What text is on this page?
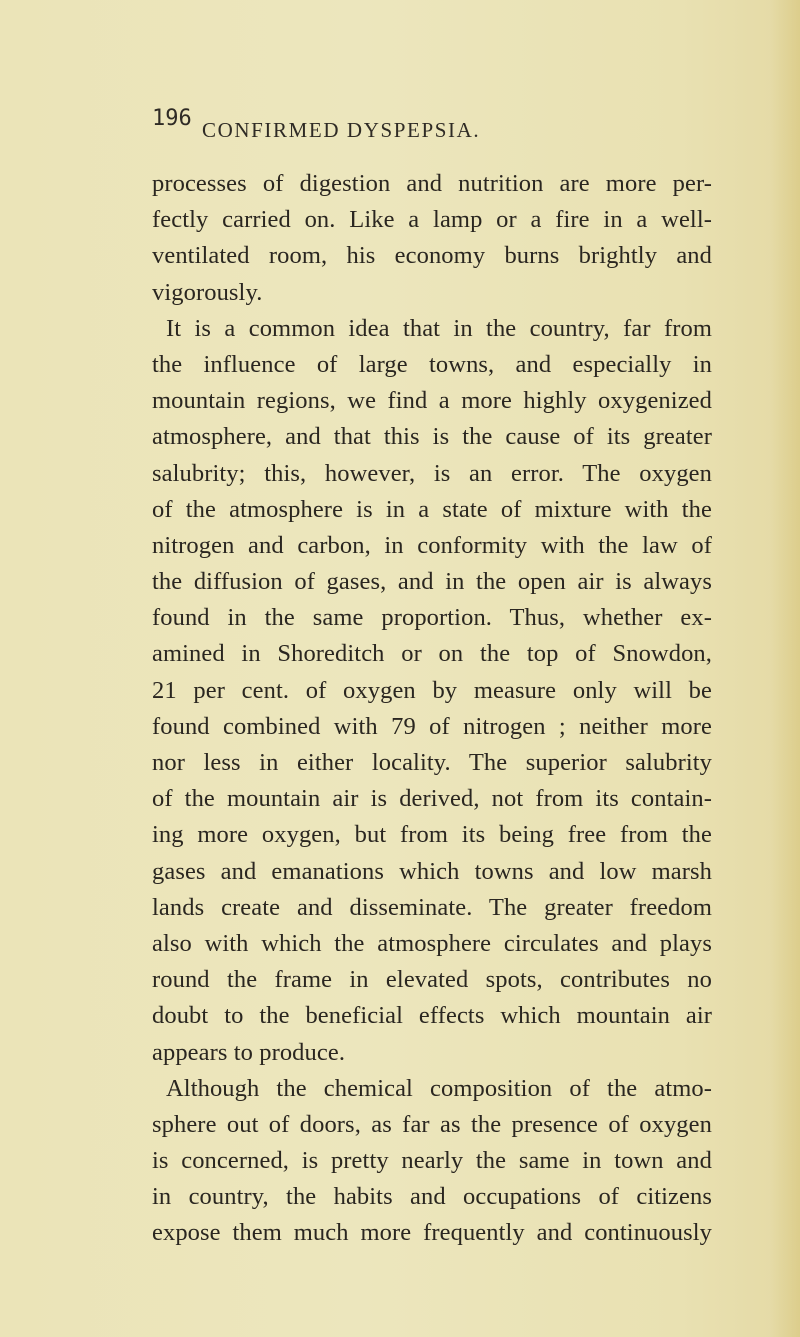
196 CONFIRMED DYSPEPSIA.
processes of digestion and nutrition are more per-
fectly carried on. Like a lamp or a fire in a well-
ventilated room, his economy burns brightly and
vigorously.
It is a common idea that in the country, far from
the influence of large towns, and especially in
mountain regions, we find a more highly oxygenized
atmosphere, and that this is the cause of its greater
salubrity; this, however, is an error. The oxygen
of the atmosphere is in a state of mixture with the
nitrogen and carbon, in conformity with the law of
the diffusion of gases, and in the open air is always
found in the same proportion. Thus, whether ex-
amined in Shoreditch or on the top of Snowdon,
21 per cent. of oxygen by measure only will be
found combined with 79 of nitrogen ; neither more
nor less in either locality. The superior salubrity
of the mountain air is derived, not from its contain-
ing more oxygen, but from its being free from the
gases and emanations which towns and low marsh
lands create and disseminate. The greater freedom
also with which the atmosphere circulates and plays
round the frame in elevated spots, contributes no
doubt to the beneficial effects which mountain air
appears to produce.
Although the chemical composition of the atmo-
sphere out of doors, as far as the presence of oxygen
is concerned, is pretty nearly the same in town and
in country, the habits and occupations of citizens
expose them much more frequently and continuously
